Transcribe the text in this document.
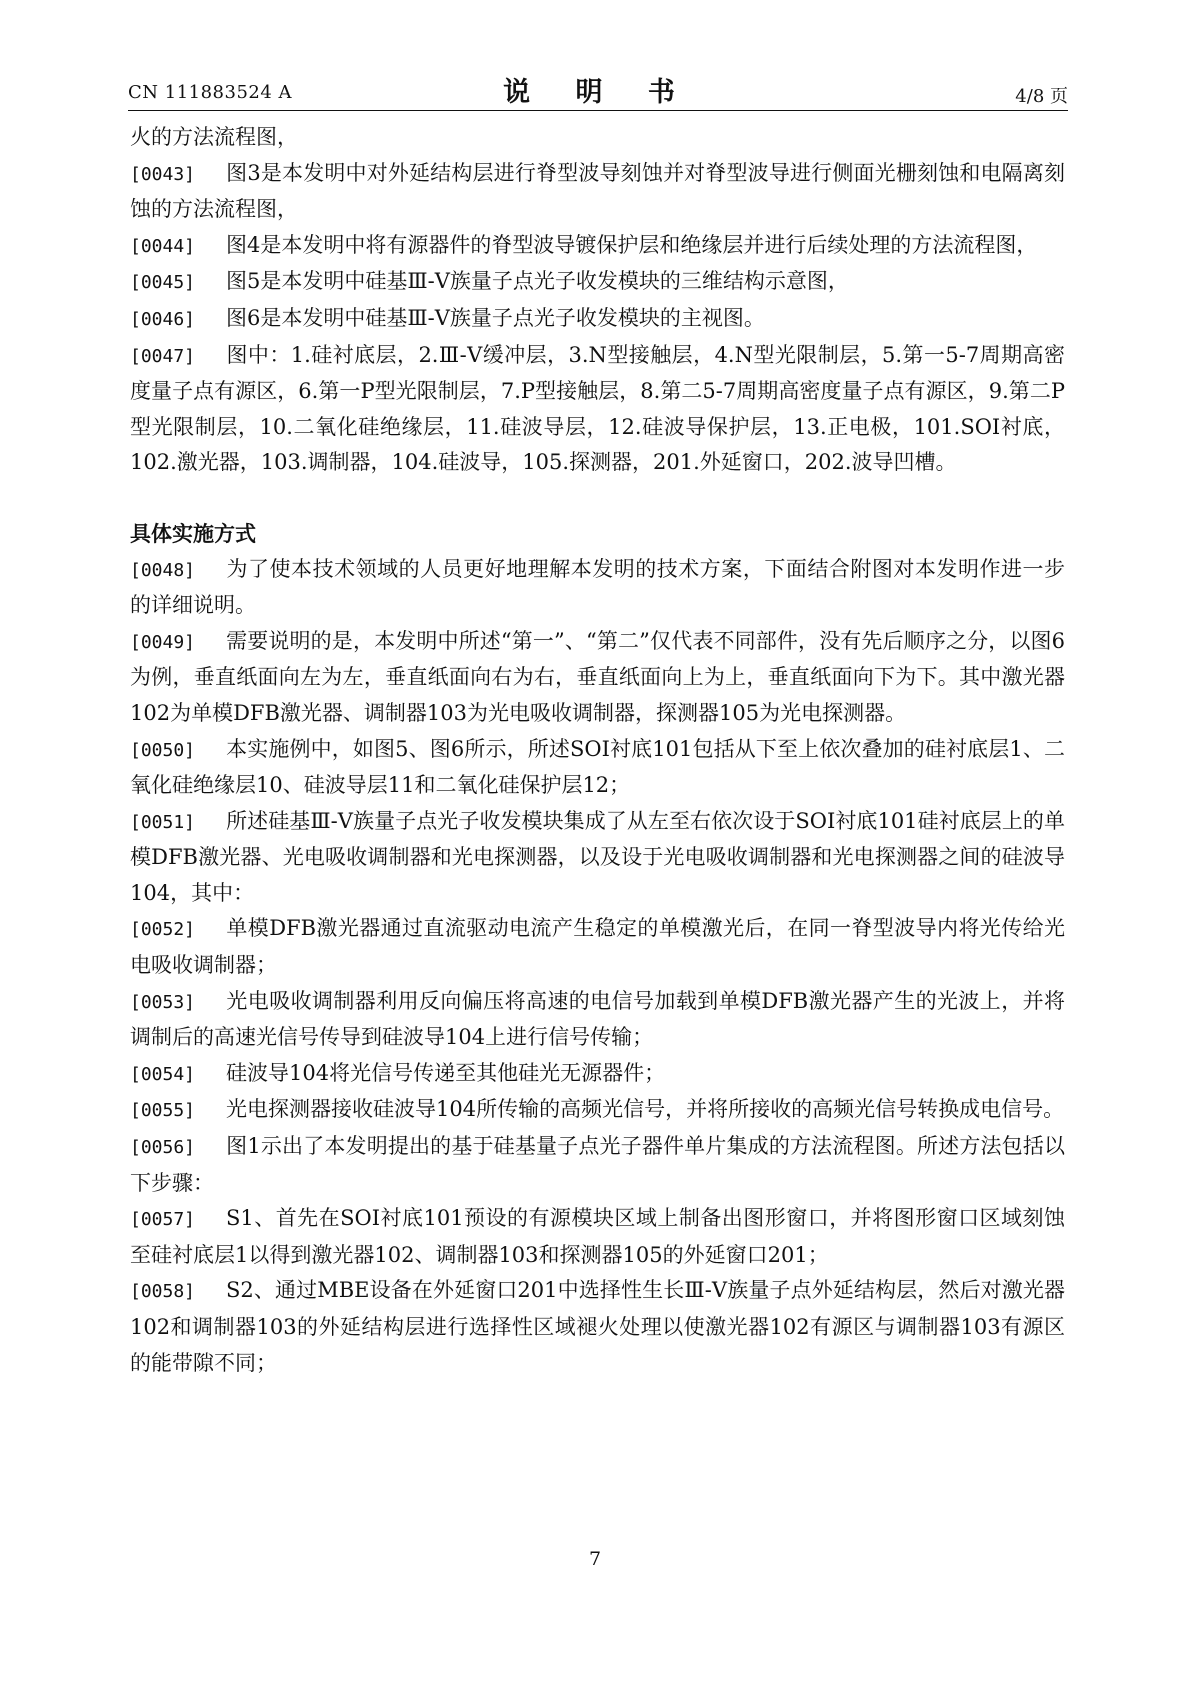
CN 111883524 A	说 明 书	4/8 页

火的方法流程图，

[0043] 图3是本发明中对外延结构层进行脊型波导刻蚀并对脊型波导进行侧面光栅刻蚀和电隔离刻蚀的方法流程图，

[0044] 图4是本发明中将有源器件的脊型波导镀保护层和绝缘层并进行后续处理的方法流程图，

[0045] 图5是本发明中硅基Ⅲ-Ⅴ族量子点光子收发模块的三维结构示意图，

[0046] 图6是本发明中硅基Ⅲ-Ⅴ族量子点光子收发模块的主视图。

[0047] 图中：1.硅衬底层，2.Ⅲ-Ⅴ缓冲层，3.N型接触层，4.N型光限制层，5.第一5-7周期高密度量子点有源区，6.第一P型光限制层，7.P型接触层，8.第二5-7周期高密度量子点有源区，9.第二P型光限制层，10.二氧化硅绝缘层，11.硅波导层，12.硅波导保护层，13.正电极，101.SOI衬底，102.激光器，103.调制器，104.硅波导，105.探测器，201.外延窗口，202.波导凹槽。

具体实施方式

[0048] 为了使本技术领域的人员更好地理解本发明的技术方案，下面结合附图对本发明作进一步的详细说明。

[0049] 需要说明的是，本发明中所述“第一”、“第二”仅代表不同部件，没有先后顺序之分，以图6为例，垂直纸面向左为左，垂直纸面向右为右，垂直纸面向上为上，垂直纸面向下为下。其中激光器102为单模DFB激光器、调制器103为光电吸收调制器，探测器105为光电探测器。

[0050] 本实施例中，如图5、图6所示，所述SOI衬底101包括从下至上依次叠加的硅衬底层1、二氧化硅绝缘层10、硅波导层11和二氧化硅保护层12；

[0051] 所述硅基Ⅲ-Ⅴ族量子点光子收发模块集成了从左至右依次设于SOI衬底101硅衬底层上的单模DFB激光器、光电吸收调制器和光电探测器，以及设于光电吸收调制器和光电探测器之间的硅波导104，其中：

[0052] 单模DFB激光器通过直流驱动电流产生稳定的单模激光后，在同一脊型波导内将光传给光电吸收调制器；

[0053] 光电吸收调制器利用反向偏压将高速的电信号加载到单模DFB激光器产生的光波上，并将调制后的高速光信号传导到硅波导104上进行信号传输；

[0054] 硅波导104将光信号传递至其他硅光无源器件；

[0055] 光电探测器接收硅波导104所传输的高频光信号，并将所接收的高频光信号转换成电信号。

[0056] 图1示出了本发明提出的基于硅基量子点光子器件单片集成的方法流程图。所述方法包括以下步骤：

[0057] S1、首先在SOI衬底101预设的有源模块区域上制备出图形窗口，并将图形窗口区域刻蚀至硅衬底层1以得到激光器102、调制器103和探测器105的外延窗口201；

[0058] S2、通过MBE设备在外延窗口201中选择性生长Ⅲ-Ⅴ族量子点外延结构层，然后对激光器102和调制器103的外延结构层进行选择性区域褪火处理以使激光器102有源区与调制器103有源区的能带隙不同；

7
